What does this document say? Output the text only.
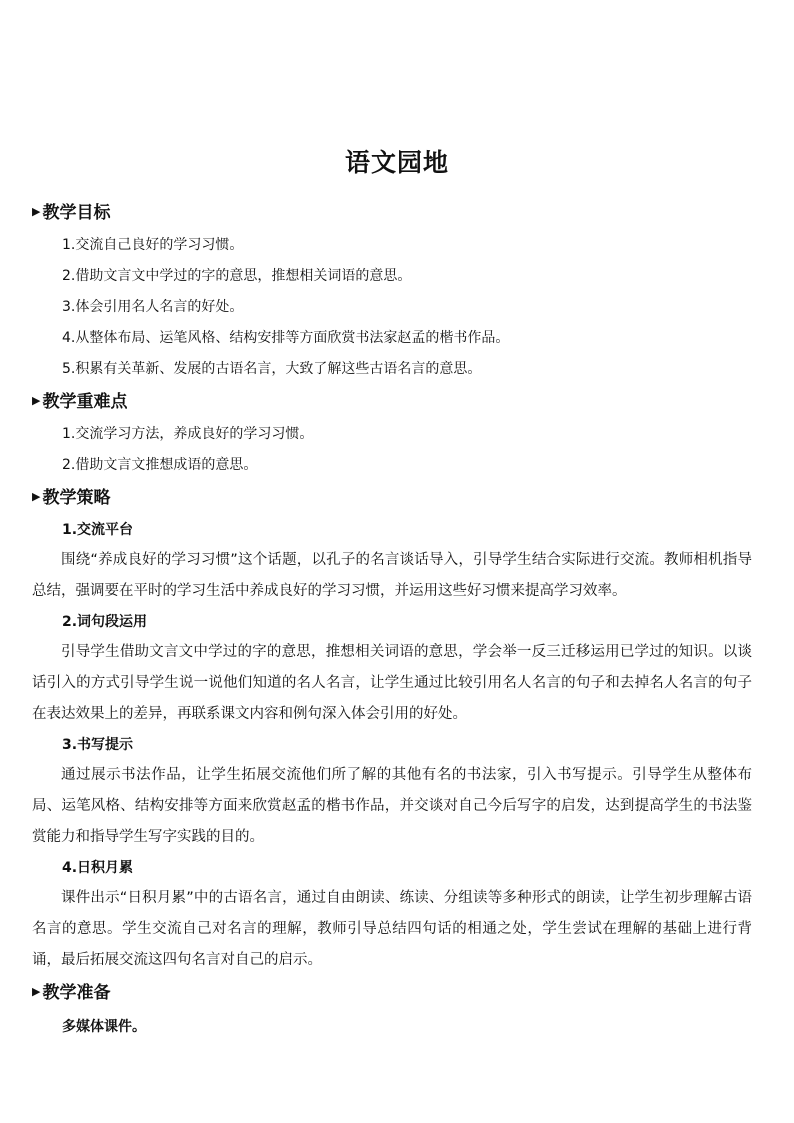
语文园地
▶ 教学目标
1.交流自己良好的学习习惯。
2.借助文言文中学过的字的意思，推想相关词语的意思。
3.体会引用名人名言的好处。
4.从整体布局、运笔风格、结构安排等方面欣赏书法家赵孟的楷书作品。
5.积累有关革新、发展的古语名言，大致了解这些古语名言的意思。
▶ 教学重难点
1.交流学习方法，养成良好的学习习惯。
2.借助文言文推想成语的意思。
▶ 教学策略
1.交流平台

围绕“养成良好的学习习惯”这个话题，以孔子的名言谈话导入，引导学生结合实际进行交流。教师相机指导总结，强调要在平时的学习生活中养成良好的学习习惯，并运用这些好习惯来提高学习效率。

2.词句段运用

引导学生借助文言文中学过的字的意思，推想相关词语的意思，学会举一反三迁移运用已学过的知识。以谈话引入的方式引导学生说一说他们知道的名人名言，让学生通过比较引用名人名言的句子和去掉名人名言的句子在表达效果上的差异，再联系课文内容和例句深入体会引用的好处。

3.书写提示

通过展示书法作品，让学生拓展交流他们所了解的其他有名的书法家，引入书写提示。引导学生从整体布局、运笔风格、结构安排等方面来欣赏赵孟的楷书作品，并交谈对自己今后写字的启发，达到提高学生的书法鉴赏能力和指导学生写字实践的目的。

4.日积月累

课件出示“日积月累”中的古语名言，通过自由朗读、练读、分组读等多种形式的朗读，让学生初步理解古语名言的意思。学生交流自己对名言的理解，教师引导总结四句话的相通之处，学生尝试在理解的基础上进行背诵，最后拓展交流这四句名言对自己的启示。

▶ 教学准备
多媒体课件。
